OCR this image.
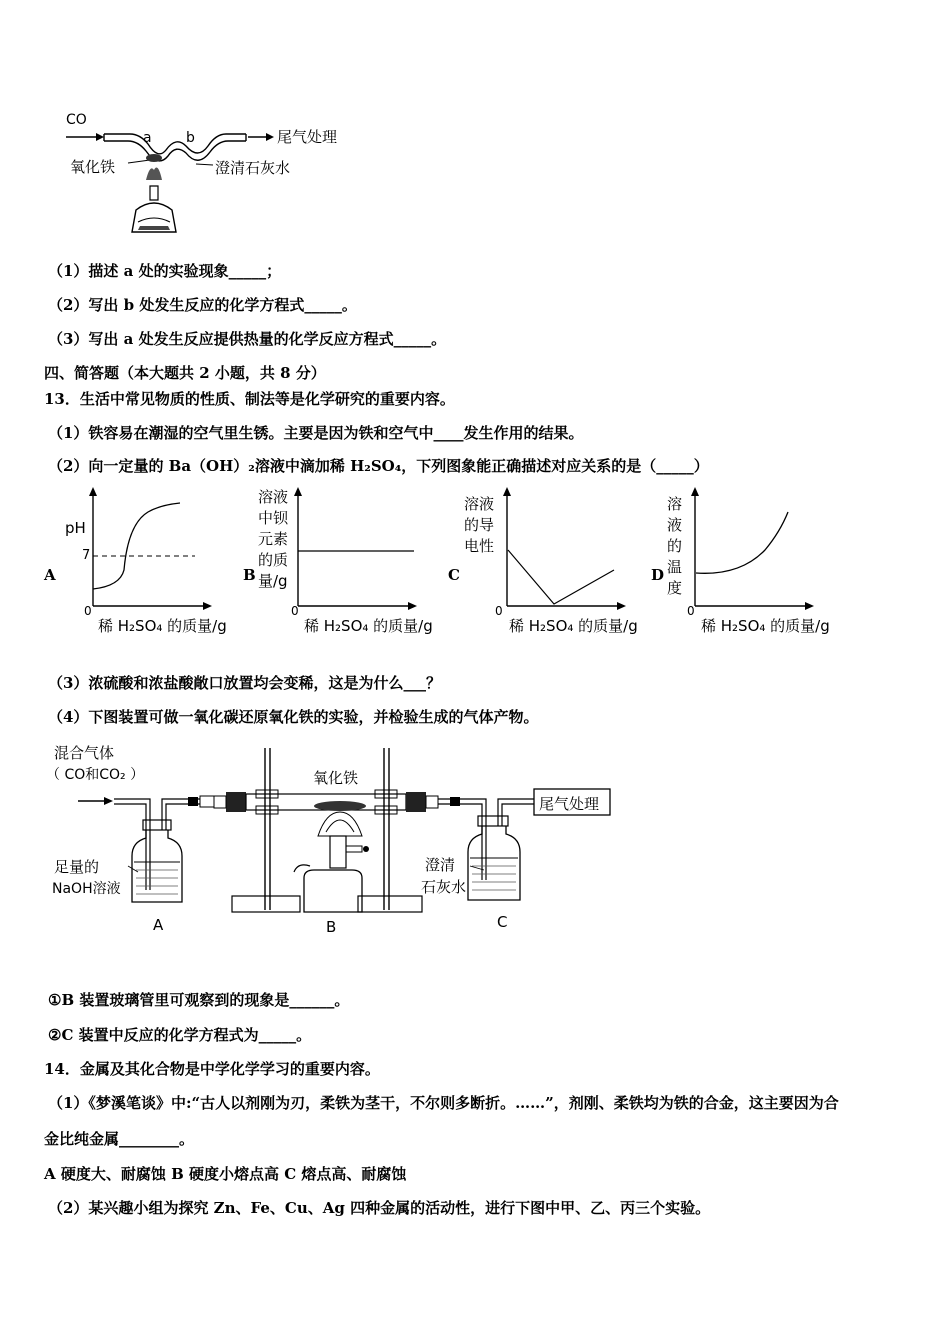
CO
a b	尾气处理
氧化铁	澄清石灰水
（1）描述 a 处的实验现象_____；
（2）写出 b 处发生反应的化学方程式_____。
（3）写出 a 处发生反应提供热量的化学反应方程式_____。
四、简答题（本大题共 2 小题，共 8 分）
13．生活中常见物质的性质、制法等是化学研究的重要内容。
（1）铁容易在潮湿的空气里生锈。主要是因为铁和空气中____发生作用的结果。
（2）向一定量的 Ba（OH）₂溶液中滴加稀 H₂SO₄，下列图象能正确描述对应关系的是（_____）
A
pH
7
0
稀 H₂SO₄ 的质量/g
B
溶液
中钡
元素
的质
量/g
0
稀 H₂SO₄ 的质量/g
C
溶液
的导
电性
0
稀 H₂SO₄ 的质量/g
D
溶
液
的
温
度
0
稀 H₂SO₄ 的质量/g
（3）浓硫酸和浓盐酸敞口放置均会变稀，这是为什么___？
（4）下图装置可做一氧化碳还原氧化铁的实验，并检验生成的气体产物。
混合气体
（ CO和CO₂ ）	氧化铁
尾气处理
足量的
NaOH溶液
澄清
石灰水
A	B	C
①B 装置玻璃管里可观察到的现象是______。
②C 装置中反应的化学方程式为_____。
14．金属及其化合物是中学化学学习的重要内容。
（1）《梦溪笔谈》中:“古人以剂刚为刃，柔铁为茎干，不尔则多断折。……”，剂刚、柔铁均为铁的合金，这主要因为合
金比纯金属________。
A 硬度大、耐腐蚀 B 硬度小熔点高 C 熔点高、耐腐蚀
（2）某兴趣小组为探究 Zn、Fe、Cu、Ag 四种金属的活动性，进行下图中甲、乙、丙三个实验。
